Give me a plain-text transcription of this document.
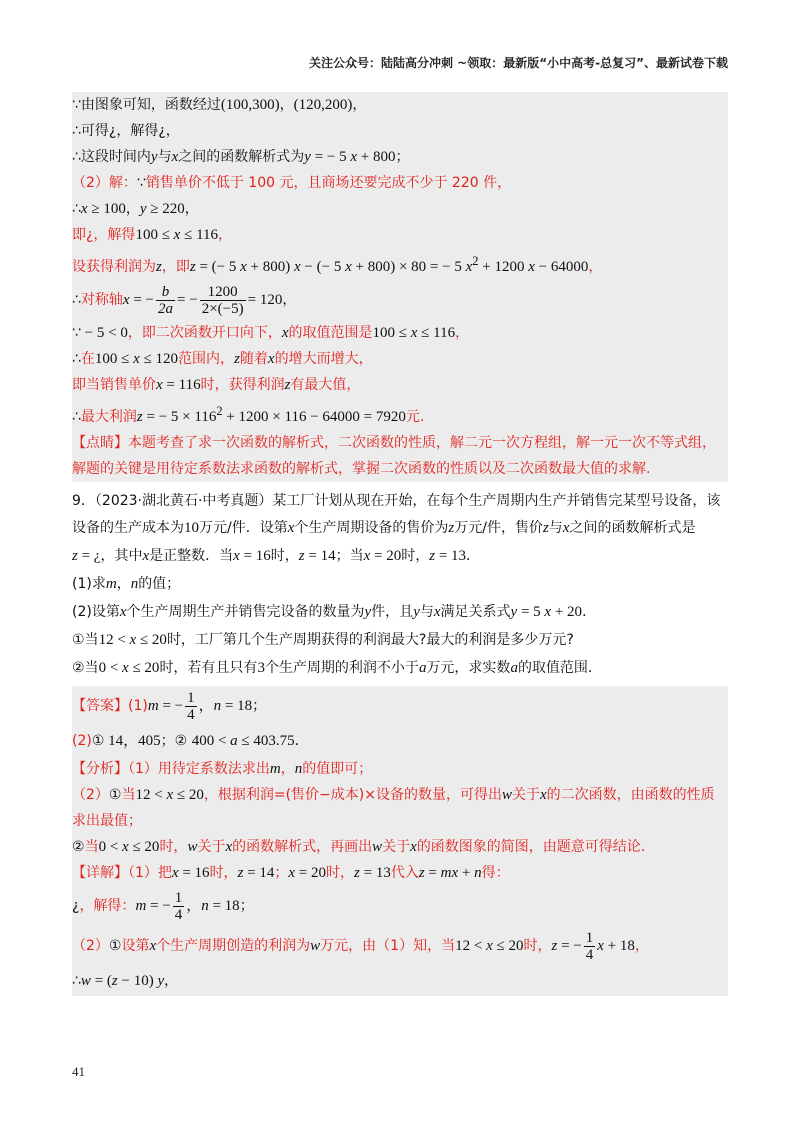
关注公众号：陆陆高分冲刺 ~领取：最新版“小中高考-总复习”、最新试卷下载
∵由图象可知，函数经过(100,300)，(120,200)，
∴可得¿，解得¿，
∴这段时间内y与x之间的函数解析式为y = − 5 x + 800；
（2）解：∵销售单价不低于 100 元，且商场还要完成不少于 220 件，
∴x ≥ 100，y ≥ 220，
即¿，解得100 ≤ x ≤ 116，
设获得利润为z，即z = (− 5 x + 800) x − (− 5 x + 800) × 80 = − 5 $x^2 + 1200$ x − 64000，
∴对称轴x = − $\frac{b}{2a}$ = − $\frac{1200}{2\times(-5)} = 120$，
∵ − 5 < 0，即二次函数开口向下，x的取值范围是100 ≤ x ≤ 116，
∴在100 ≤ x ≤ 120范围内，z随着x的增大而增大，
即当销售单价x = 116时，获得利润z有最大值，
∴最大利润z = − $5 \times 116^2 + 1200 \times 116 - 64000 = 7920$元.
【点睛】本题考查了求一次函数的解析式，二次函数的性质，解二元一次方程组，解一元一次不等式组，
解题的关键是用待定系数法求函数的解析式，掌握二次函数的性质以及二次函数最大值的求解.
9．（2023·湖北黄石·中考真题）某工厂计划从现在开始，在每个生产周期内生产并销售完某型号设备，该
设备的生产成本为10万元/件．设第x个生产周期设备的售价为z万元/件，售价z与x之间的函数解析式是
z = ¿，其中x是正整数．当x = 16时，z = 14；当x = 20时，z = 13．
(1)求m，n的值；
(2)设第x个生产周期生产并销售完设备的数量为y件，且y与x满足关系式y = 5 x + 20．
①当12 < x ≤ 20时，工厂第几个生产周期获得的利润最大?最大的利润是多少万元?
②当0 < x ≤ 20时，若有且只有3个生产周期的利润不小于a万元，求实数a的取值范围．
【答案】(1)m = − $\frac{1}{4}$ ，n = 18；
(2)① 14，405；② 400 < a ≤ 403.75．
【分析】（1）用待定系数法求出m，n的值即可；
（2）①当12 < x ≤ 20，根据利润=(售价−成本)×设备的数量，可得出w关于x的二次函数，由函数的性质
求出最值；
②当0 < x ≤ 20时，w关于x的函数解析式，再画出w关于x的函数图象的简图，由题意可得结论．
【详解】（1）把x = 16时，z = 14；x = 20时，z = 13代入z = mx + n得：
¿，解得：m = − $\frac{1}{4}$ ，n = 18；
（2）①设第x个生产周期创造的利润为w万元，由（1）知，当12 < x ≤ 20时，z = − $\frac{1}{4}$ x + 18，
∴w = (z − 10) y，
41
